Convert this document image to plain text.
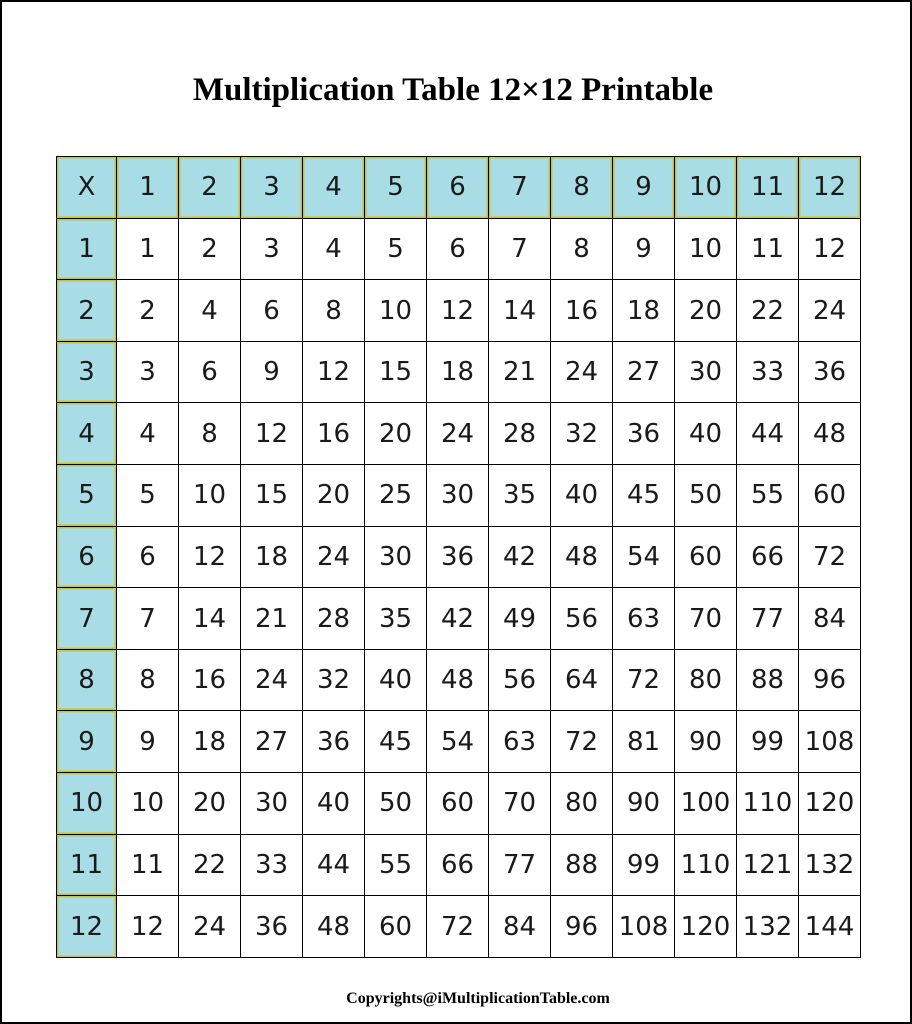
Multiplication Table 12×12 Printable
X	1	2	3	4	5	6	7	8	9	10	11	12
1	1	2	3	4	5	6	7	8	9	10	11	12
2	2	4	6	8	10	12	14	16	18	20	22	24
3	3	6	9	12	15	18	21	24	27	30	33	36
4	4	8	12	16	20	24	28	32	36	40	44	48
5	5	10	15	20	25	30	35	40	45	50	55	60
6	6	12	18	24	30	36	42	48	54	60	66	72
7	7	14	21	28	35	42	49	56	63	70	77	84
8	8	16	24	32	40	48	56	64	72	80	88	96
9	9	18	27	36	45	54	63	72	81	90	99	108
10	10	20	30	40	50	60	70	80	90	100	110	120
11	11	22	33	44	55	66	77	88	99	110	121	132
12	12	24	36	48	60	72	84	96	108	120	132	144
Copyrights@iMultiplicationTable.com
